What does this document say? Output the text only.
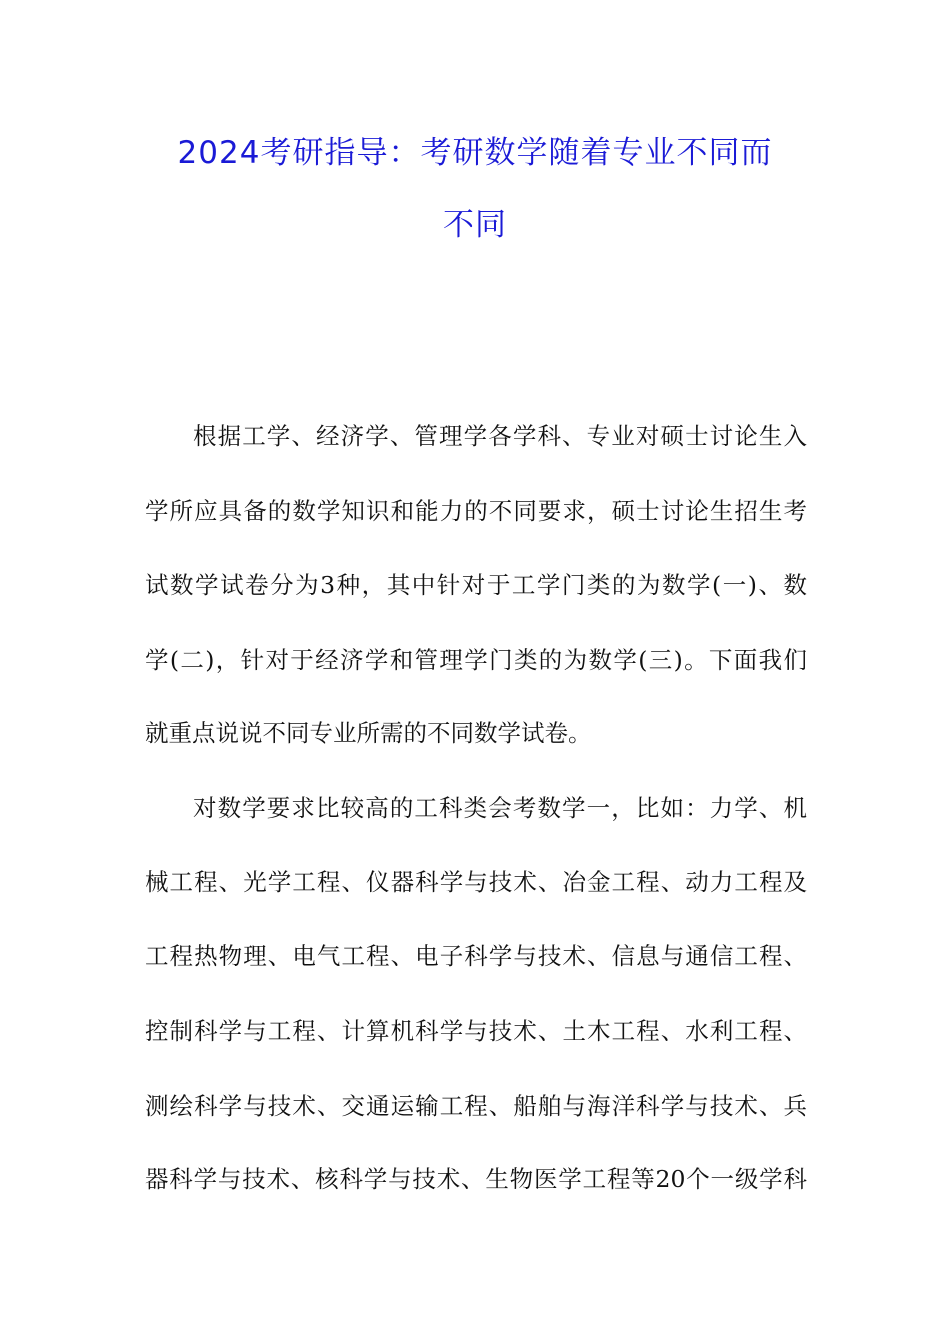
2024考研指导：考研数学随着专业不同而
不同
根据工学、经济学、管理学各学科、专业对硕士讨论生入
学所应具备的数学知识和能力的不同要求，硕士讨论生招生考
试数学试卷分为3种，其中针对于工学门类的为数学(一)、数
学(二)，针对于经济学和管理学门类的为数学(三)。下面我们
就重点说说不同专业所需的不同数学试卷。
对数学要求比较高的工科类会考数学一，比如：力学、机
械工程、光学工程、仪器科学与技术、冶金工程、动力工程及
工程热物理、电气工程、电子科学与技术、信息与通信工程、
控制科学与工程、计算机科学与技术、土木工程、水利工程、
测绘科学与技术、交通运输工程、船舶与海洋科学与技术、兵
器科学与技术、核科学与技术、生物医学工程等20个一级学科
